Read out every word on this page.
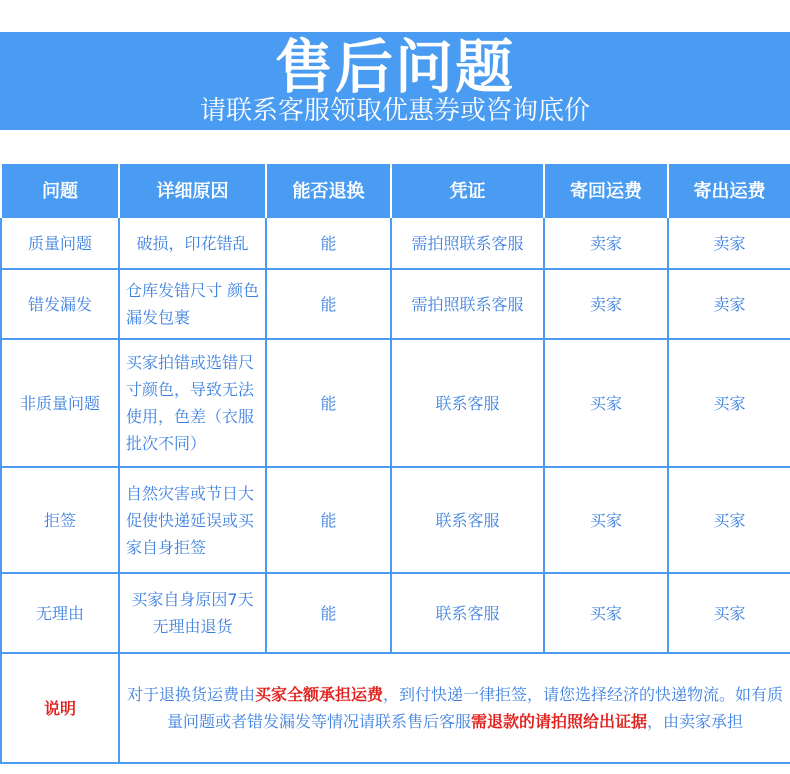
售后问题
请联系客服领取优惠券或咨询底价
问题	详细原因	能否退换	凭证	寄回运费	寄出运费
质量问题	破损，印花错乱	能	需拍照联系客服	卖家	卖家
错发漏发	仓库发错尺寸 颜色漏发包裹	能	需拍照联系客服	卖家	卖家
非质量问题	买家拍错或选错尺寸颜色，导致无法使用，色差（衣服批次不同）	能	联系客服	买家	买家
拒签	自然灾害或节日大促使快递延误或买家自身拒签	能	联系客服	买家	买家
无理由	买家自身原因7天无理由退货	能	联系客服	买家	买家
说明	对于退换货运费由买家全额承担运费，到付快递一律拒签，请您选择经济的快递物流。如有质量问题或者错发漏发等情况请联系售后客服需退款的请拍照给出证据，由卖家承担				
